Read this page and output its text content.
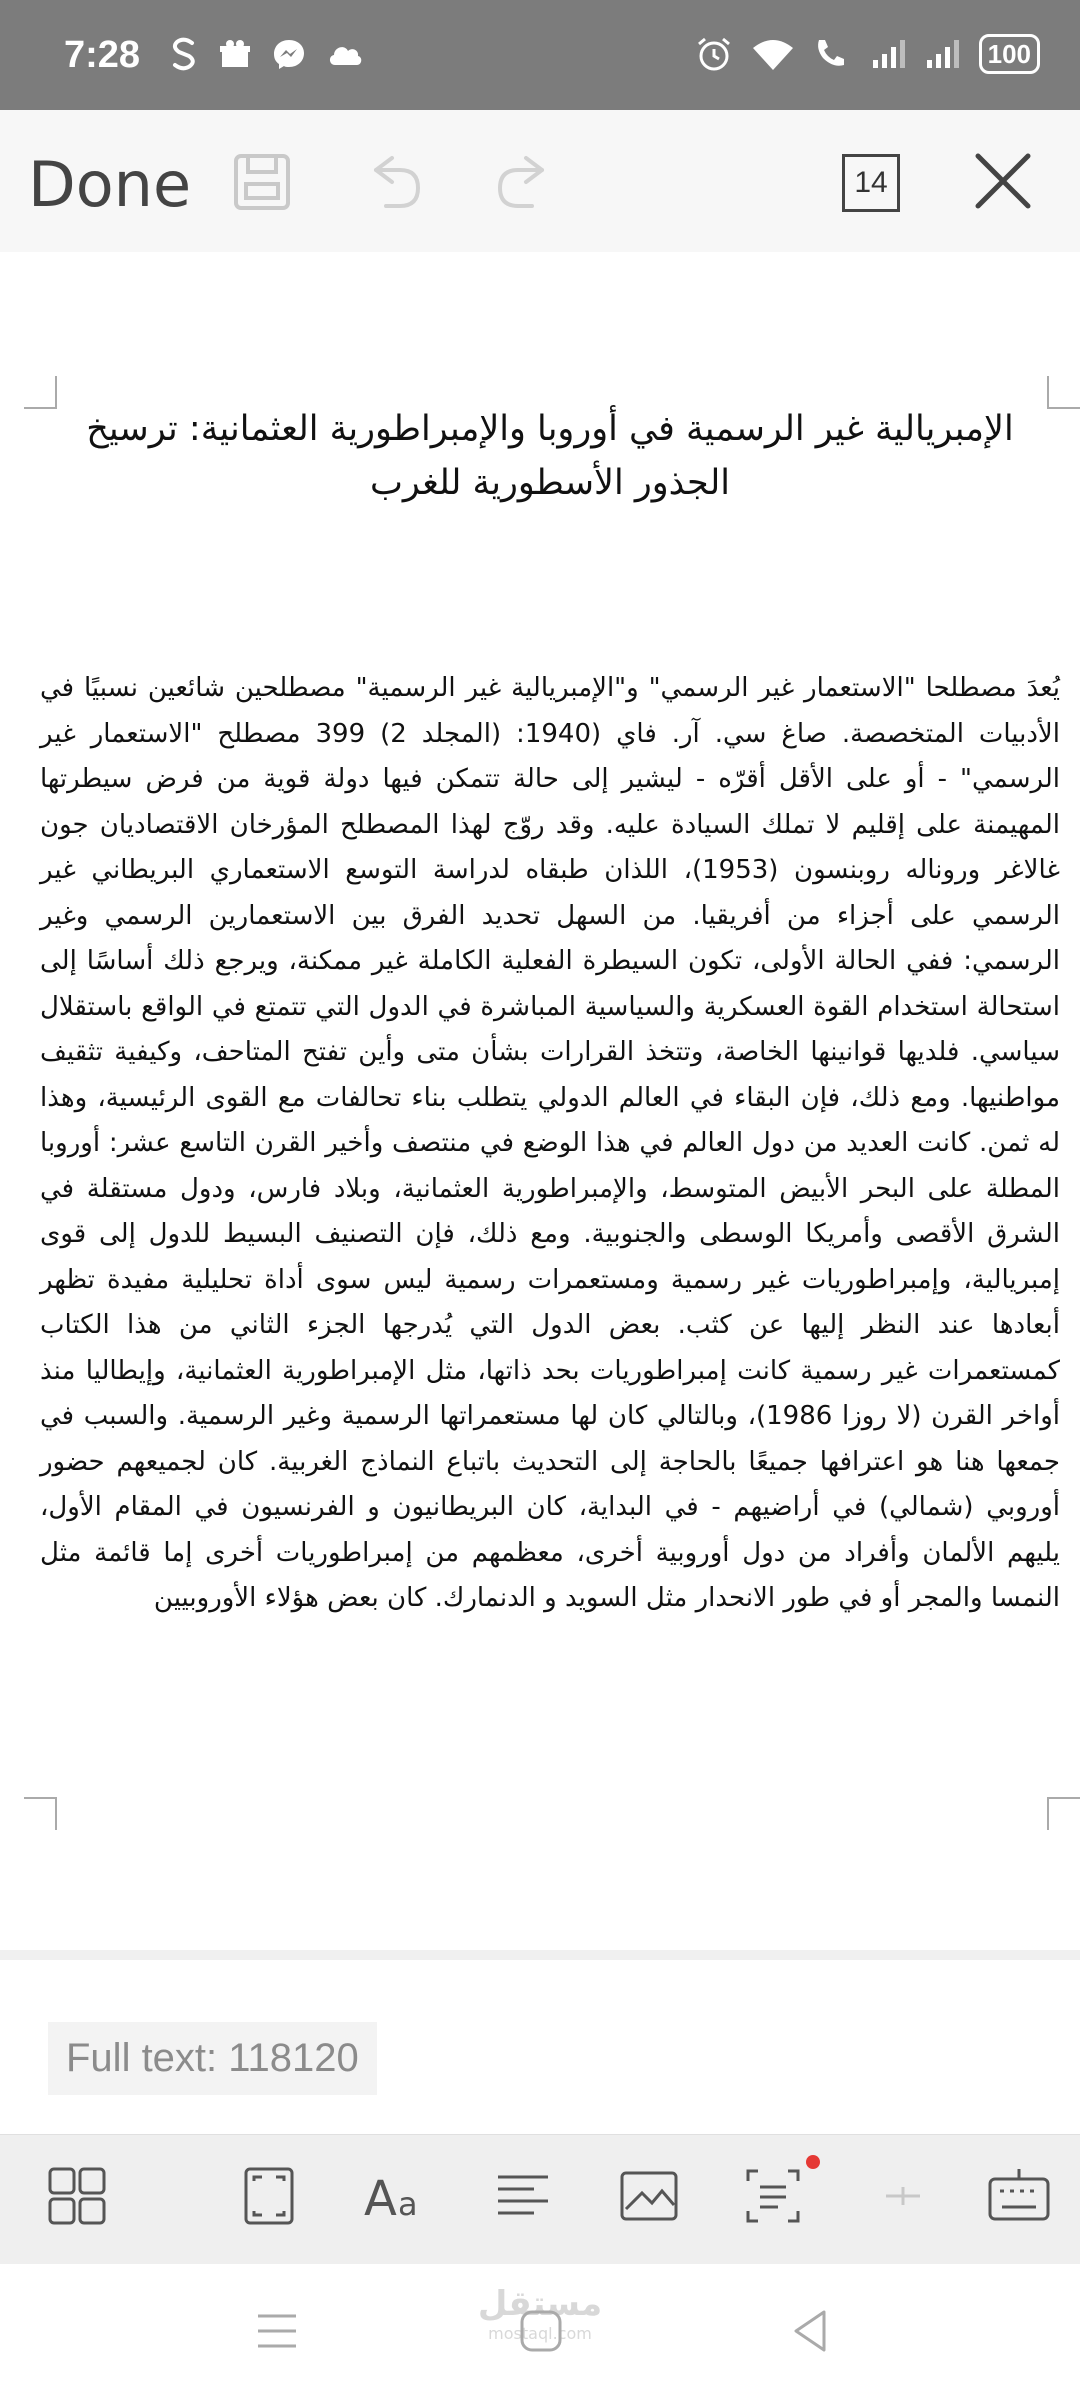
7:28	100
Done	14
الإمبريالية غير الرسمية في أوروبا والإمبراطورية العثمانية: ترسيخ الجذور الأسطورية للغرب
يُعدَ مصطلحا "الاستعمار غير الرسمي" و"الإمبريالية غير الرسمية" مصطلحين شائعين نسبيًا في الأدبيات المتخصصة. صاغ سي. آر. فاي (1940: (المجلد 2) 399 مصطلح "الاستعمار غير الرسمي" - أو على الأقل أقرّه - ليشير إلى حالة تتمكن فيها دولة قوية من فرض سيطرتها المهيمنة على إقليم لا تملك السيادة عليه. وقد روّج لهذا المصطلح المؤرخان الاقتصاديان جون غالاغر وروناله روبنسون (1953)، اللذان طبقاه لدراسة التوسع الاستعماري البريطاني غير الرسمي على أجزاء من أفريقيا. من السهل تحديد الفرق بين الاستعمارين الرسمي وغير الرسمي: ففي الحالة الأولى، تكون السيطرة الفعلية الكاملة غير ممكنة، ويرجع ذلك أساسًا إلى استحالة استخدام القوة العسكرية والسياسية المباشرة في الدول التي تتمتع في الواقع باستقلال سياسي. فلديها قوانينها الخاصة، وتتخذ القرارات بشأن متى وأين تفتح المتاحف، وكيفية تثقيف مواطنيها. ومع ذلك، فإن البقاء في العالم الدولي يتطلب بناء تحالفات مع القوى الرئيسية، وهذا له ثمن. كانت العديد من دول العالم في هذا الوضع في منتصف وأخير القرن التاسع عشر: أوروبا المطلة على البحر الأبيض المتوسط، والإمبراطورية العثمانية، وبلاد فارس، ودول مستقلة في الشرق الأقصى وأمريكا الوسطى والجنوبية. ومع ذلك، فإن التصنيف البسيط للدول إلى قوى إمبريالية، وإمبراطوريات غير رسمية ومستعمرات رسمية ليس سوى أداة تحليلية مفيدة تظهر أبعادها عند النظر إليها عن كثب. بعض الدول التي يُدرجها الجزء الثاني من هذا الكتاب كمستعمرات غير رسمية كانت إمبراطوريات بحد ذاتها، مثل الإمبراطورية العثمانية، وإيطاليا منذ أواخر القرن (لا روزا 1986)، وبالتالي كان لها مستعمراتها الرسمية وغير الرسمية. والسبب في جمعها هنا هو اعترافها جميعًا بالحاجة إلى التحديث باتباع النماذج الغربية. كان لجميعهم حضور أوروبي (شمالي) في أراضيهم - في البداية، كان البريطانيون و الفرنسيون في المقام الأول، يليهم الألمان وأفراد من دول أوروبية أخرى، معظمهم من إمبراطوريات أخرى إما قائمة مثل النمسا والمجر أو في طور الانحدار مثل السويد و الدنمارك. كان بعض هؤلاء الأوروبيين
Full text: 118120
A a
مستقل
mostaql.com
